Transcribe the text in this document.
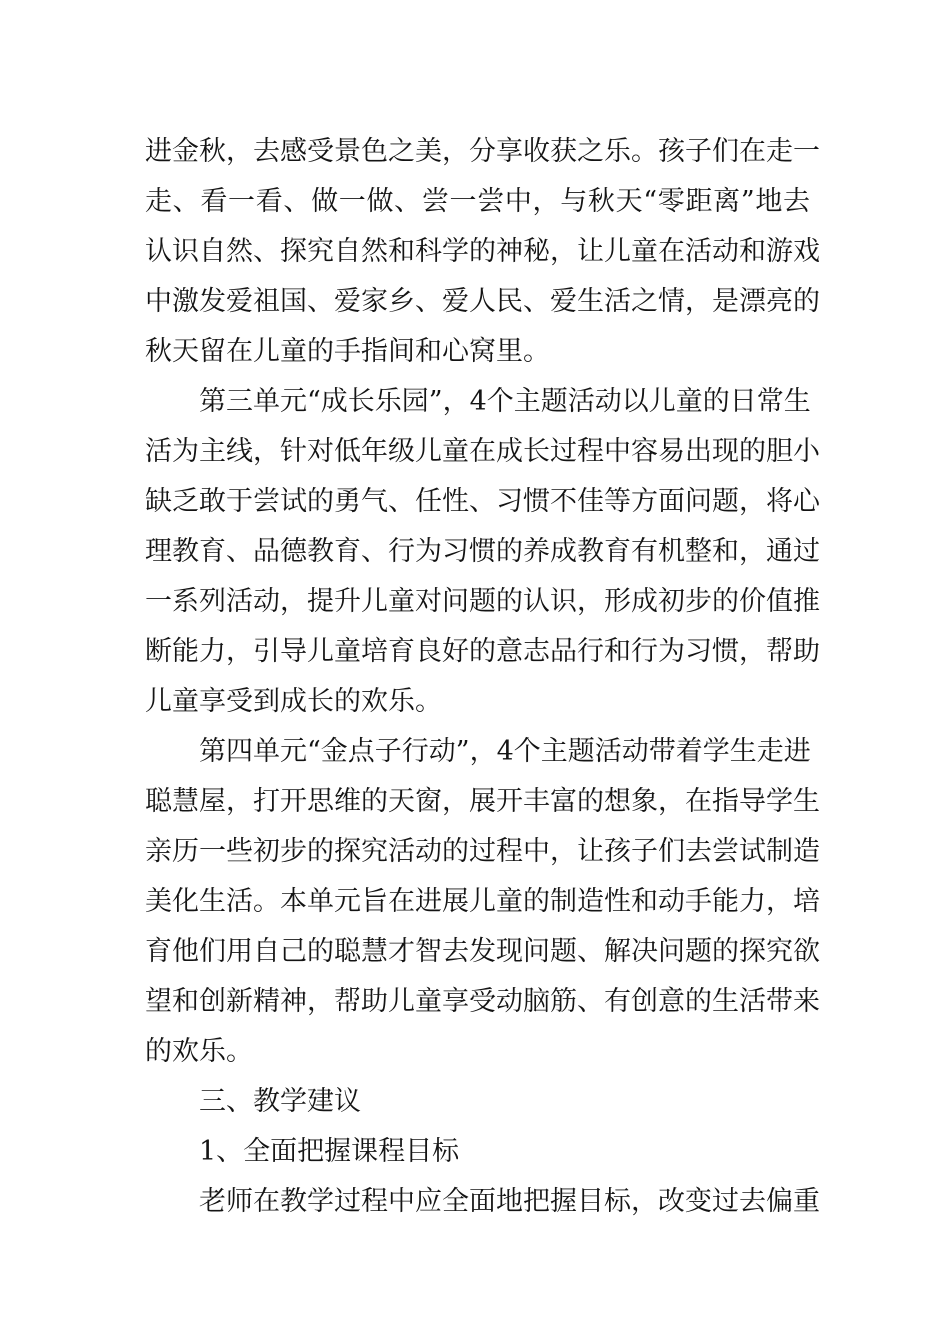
进金秋，去感受景色之美，分享收获之乐。孩子们在走一
走、看一看、做一做、尝一尝中，与秋天“零距离”地去
认识自然、探究自然和科学的神秘，让儿童在活动和游戏
中激发爱祖国、爱家乡、爱人民、爱生活之情，是漂亮的
秋天留在儿童的手指间和心窝里。
第三单元“成长乐园”，4个主题活动以儿童的日常生
活为主线，针对低年级儿童在成长过程中容易出现的胆小
缺乏敢于尝试的勇气、任性、习惯不佳等方面问题，将心
理教育、品德教育、行为习惯的养成教育有机整和，通过
一系列活动，提升儿童对问题的认识，形成初步的价值推
断能力，引导儿童培育良好的意志品行和行为习惯，帮助
儿童享受到成长的欢乐。
第四单元“金点子行动”，4个主题活动带着学生走进
聪慧屋，打开思维的天窗，展开丰富的想象，在指导学生
亲历一些初步的探究活动的过程中，让孩子们去尝试制造
美化生活。本单元旨在进展儿童的制造性和动手能力，培
育他们用自己的聪慧才智去发现问题、解决问题的探究欲
望和创新精神，帮助儿童享受动脑筋、有创意的生活带来
的欢乐。
三、教学建议
1、全面把握课程目标
老师在教学过程中应全面地把握目标，改变过去偏重
